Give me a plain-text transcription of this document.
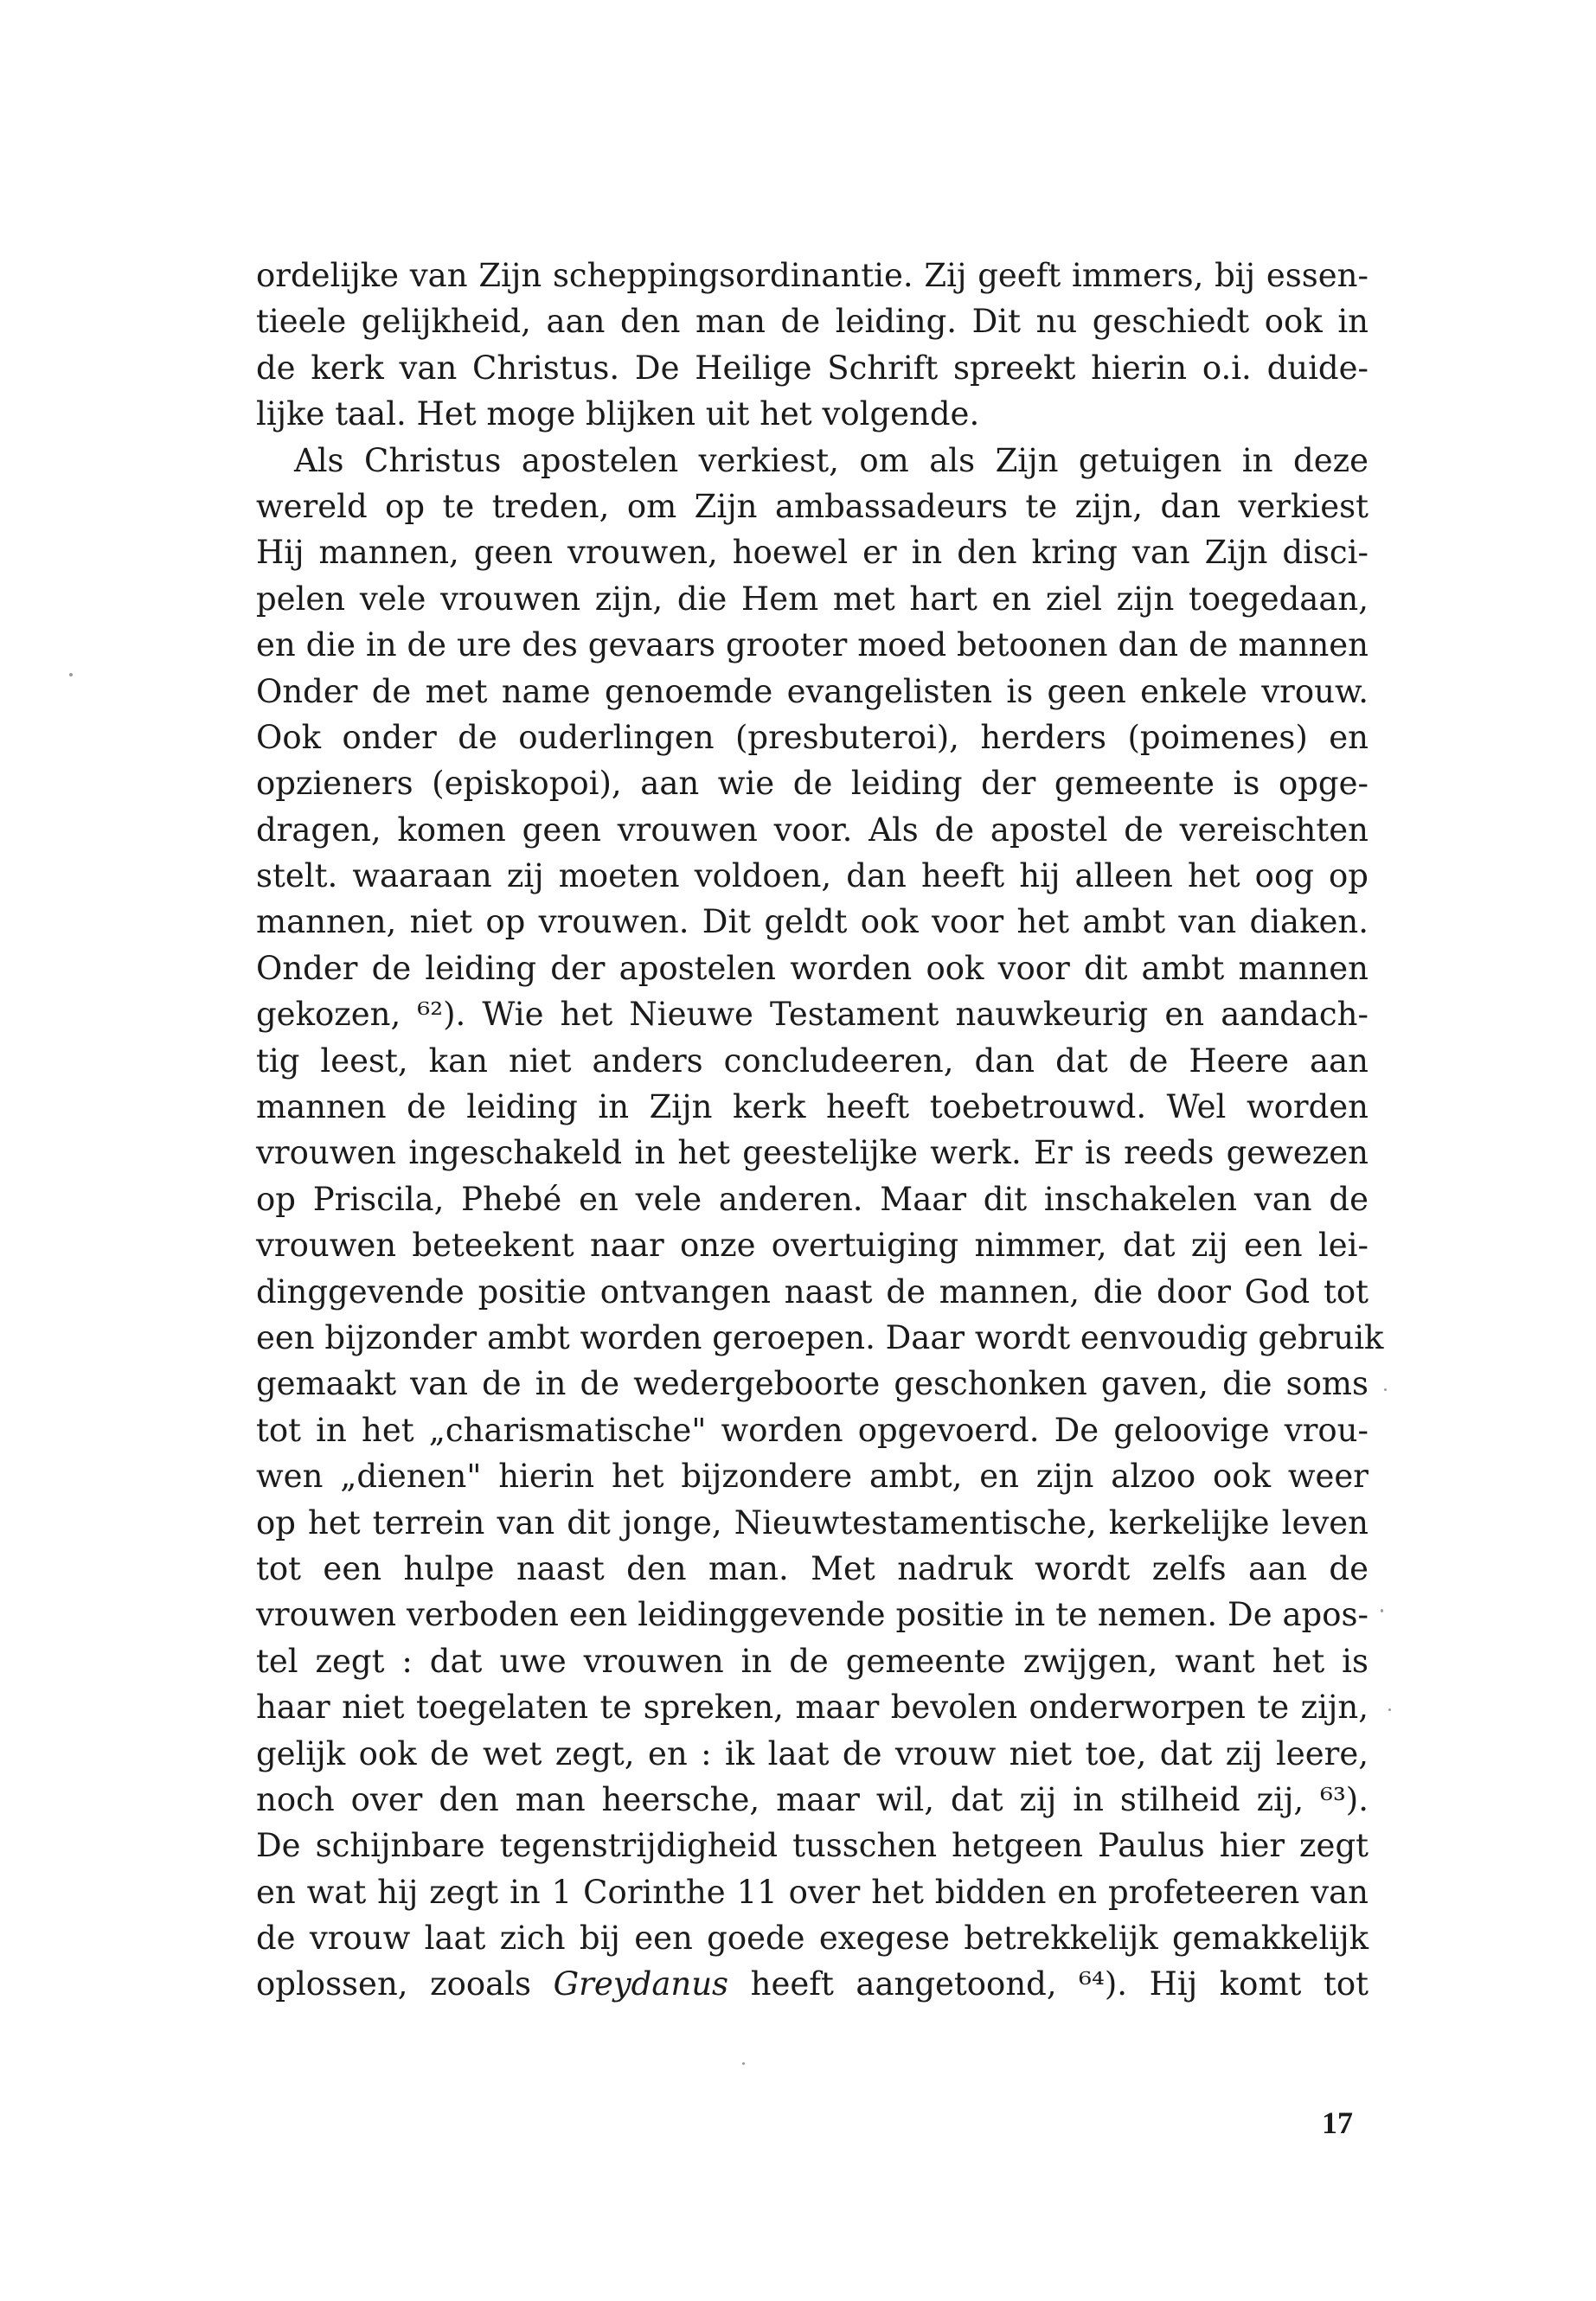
ordelijke van Zijn scheppingsordinantie. Zij geeft immers, bij essen-
tieele gelijkheid, aan den man de leiding. Dit nu geschiedt ook in
de kerk van Christus. De Heilige Schrift spreekt hierin o.i. duide-
lijke taal. Het moge blijken uit het volgende.
Als Christus apostelen verkiest, om als Zijn getuigen in deze
wereld op te treden, om Zijn ambassadeurs te zijn, dan verkiest
Hij mannen, geen vrouwen, hoewel er in den kring van Zijn disci-
pelen vele vrouwen zijn, die Hem met hart en ziel zijn toegedaan,
en die in de ure des gevaars grooter moed betoonen dan de mannen
Onder de met name genoemde evangelisten is geen enkele vrouw.
Ook onder de ouderlingen (presbuteroi), herders (poimenes) en
opzieners (episkopoi), aan wie de leiding der gemeente is opge-
dragen, komen geen vrouwen voor. Als de apostel de vereischten
stelt. waaraan zij moeten voldoen, dan heeft hij alleen het oog op
mannen, niet op vrouwen. Dit geldt ook voor het ambt van diaken.
Onder de leiding der apostelen worden ook voor dit ambt mannen
gekozen, ⁶²). Wie het Nieuwe Testament nauwkeurig en aandach-
tig leest, kan niet anders concludeeren, dan dat de Heere aan
mannen de leiding in Zijn kerk heeft toebetrouwd. Wel worden
vrouwen ingeschakeld in het geestelijke werk. Er is reeds gewezen
op Priscila, Phebé en vele anderen. Maar dit inschakelen van de
vrouwen beteekent naar onze overtuiging nimmer, dat zij een lei-
dinggevende positie ontvangen naast de mannen, die door God tot
een bijzonder ambt worden geroepen. Daar wordt eenvoudig gebruik
gemaakt van de in de wedergeboorte geschonken gaven, die soms
tot in het „charismatische" worden opgevoerd. De geloovige vrou-
wen „dienen" hierin het bijzondere ambt, en zijn alzoo ook weer
op het terrein van dit jonge, Nieuwtestamentische, kerkelijke leven
tot een hulpe naast den man. Met nadruk wordt zelfs aan de
vrouwen verboden een leidinggevende positie in te nemen. De apos-
tel zegt : dat uwe vrouwen in de gemeente zwijgen, want het is
haar niet toegelaten te spreken, maar bevolen onderworpen te zijn,
gelijk ook de wet zegt, en : ik laat de vrouw niet toe, dat zij leere,
noch over den man heersche, maar wil, dat zij in stilheid zij, ⁶³).
De schijnbare tegenstrijdigheid tusschen hetgeen Paulus hier zegt
en wat hij zegt in 1 Corinthe 11 over het bidden en profeteeren van
de vrouw laat zich bij een goede exegese betrekkelijk gemakkelijk
oplossen, zooals Greydanus heeft aangetoond, ⁶⁴). Hij komt tot
17
